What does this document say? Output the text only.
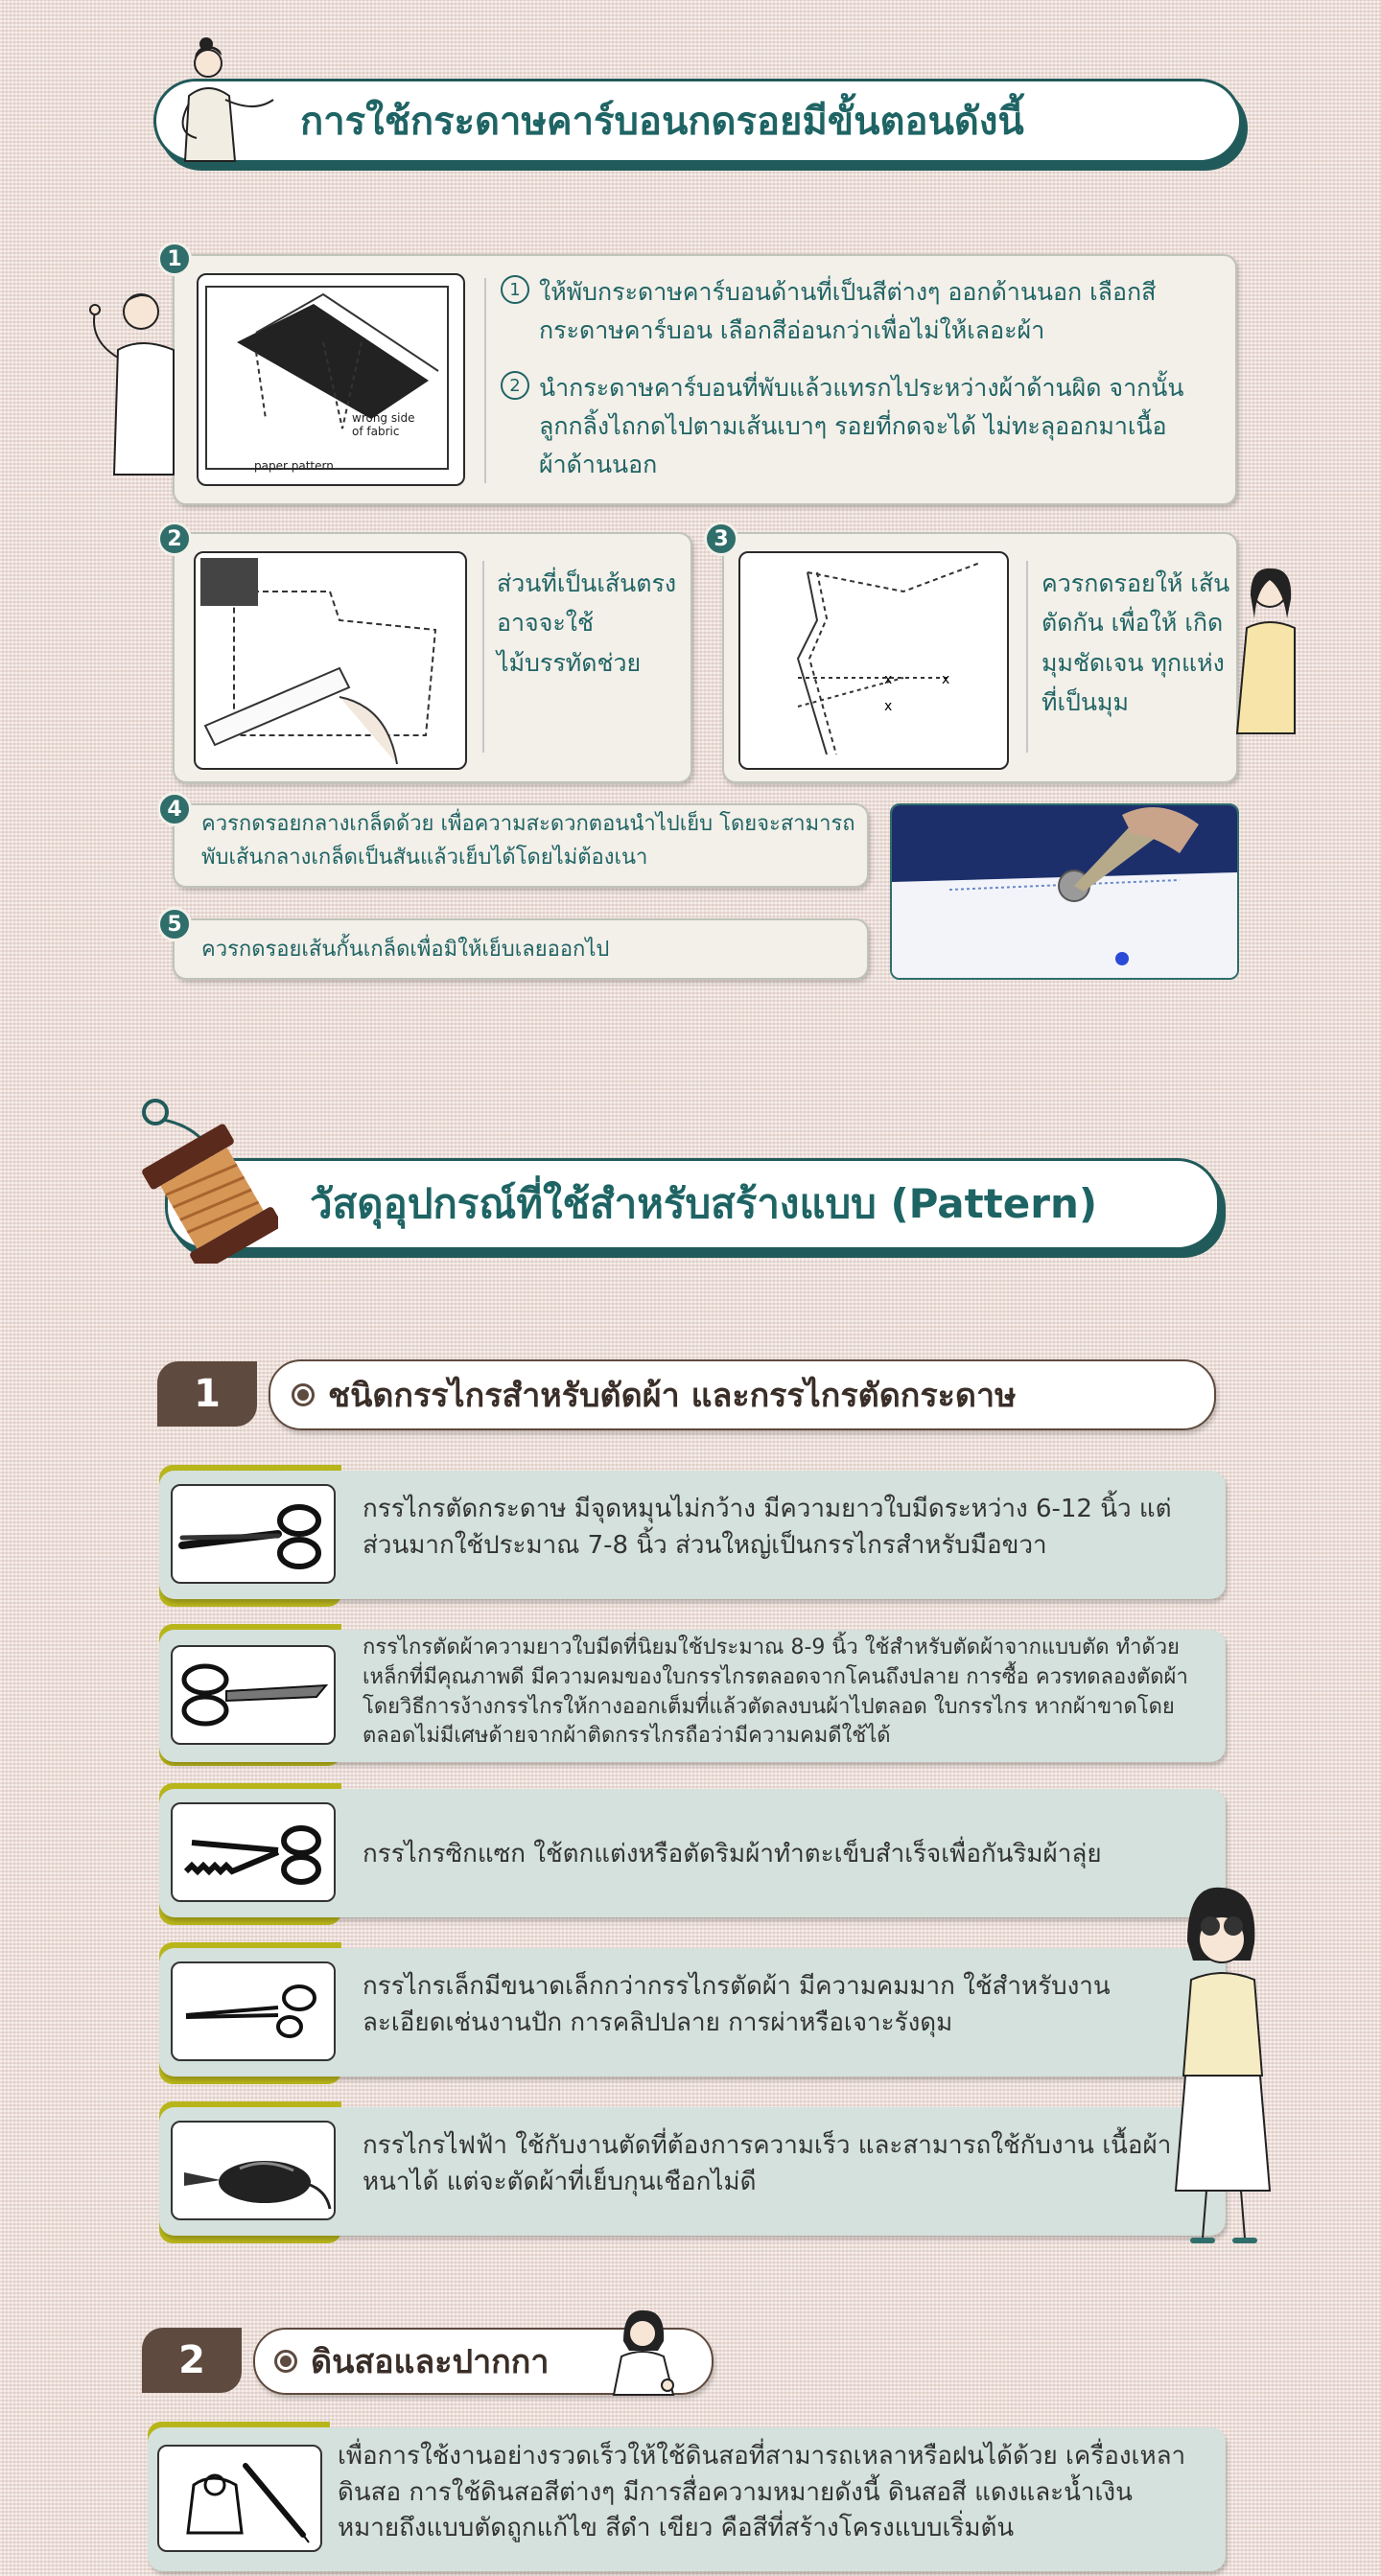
การใช้กระดาษคาร์บอนกดรอยมีขั้นตอนดังนี้
1
paper pattern
wrong side of fabric
1 ให้พับกระดาษคาร์บอนด้านที่เป็นสีต่างๆ ออกด้านนอก เลือกสีกระดาษคาร์บอน เลือกสีอ่อนกว่าเพื่อไม่ให้เลอะผ้า
2 นำกระดาษคาร์บอนที่พับแล้วแทรกไประหว่างผ้าด้านผิด จากนั้นลูกกลิ้งไถกดไปตามเส้นเบาๆ รอยที่กดจะได้ ไม่ทะลุออกมาเนื้อผ้าด้านนอก
2
ส่วนที่เป็นเส้นตรง อาจจะใช้ไม้บรรทัดช่วย
3
x	x
x
ควรกดรอยให้ เส้นตัดกัน เพื่อให้ เกิดมุมชัดเจน ทุกแห่งที่เป็นมุม
4
ควรกดรอยกลางเกล็ดด้วย เพื่อความสะดวกตอนนำไปเย็บ โดยจะสามารถพับเส้นกลางเกล็ดเป็นสันแล้วเย็บได้โดยไม่ต้องเนา
5
ควรกดรอยเส้นกั้นเกล็ดเพื่อมิให้เย็บเลยออกไป
วัสดุอุปกรณ์ที่ใช้สำหรับสร้างแบบ (Pattern)
1	ชนิดกรรไกรสำหรับตัดผ้า และกรรไกรตัดกระดาษ
กรรไกรตัดกระดาษ มีจุดหมุนไม่กว้าง มีความยาวใบมีดระหว่าง 6-12 นิ้ว แต่ส่วนมากใช้ประมาณ 7-8 นิ้ว ส่วนใหญ่เป็นกรรไกรสำหรับมือขวา
กรรไกรตัดผ้าความยาวใบมีดที่นิยมใช้ประมาณ 8-9 นิ้ว ใช้สำหรับตัดผ้าจากแบบตัด ทำด้วยเหล็กที่มีคุณภาพดี มีความคมของใบกรรไกรตลอดจากโคนถึงปลาย การซื้อ ควรทดลองตัดผ้า โดยวิธีการง้างกรรไกรให้กางออกเต็มที่แล้วตัดลงบนผ้าไปตลอด ใบกรรไกร หากผ้าขาดโดยตลอดไม่มีเศษด้ายจากผ้าติดกรรไกรถือว่ามีความคมดีใช้ได้
กรรไกรซิกแซก ใช้ตกแต่งหรือตัดริมผ้าทำตะเข็บสำเร็จเพื่อกันริมผ้าลุ่ย
กรรไกรเล็กมีขนาดเล็กกว่ากรรไกรตัดผ้า มีความคมมาก ใช้สำหรับงาน ละเอียดเช่นงานปัก การคลิปปลาย การผ่าหรือเจาะรังดุม
กรรไกรไฟฟ้า ใช้กับงานตัดที่ต้องการความเร็ว และสามารถใช้กับงาน เนื้อผ้าหนาได้ แต่จะตัดผ้าที่เย็บกุนเชือกไม่ดี
2	ดินสอและปากกา
เพื่อการใช้งานอย่างรวดเร็วให้ใช้ดินสอที่สามารถเหลาหรือฝนได้ด้วย เครื่องเหลาดินสอ การใช้ดินสอสีต่างๆ มีการสื่อความหมายดังนี้ ดินสอสี แดงและน้ำเงิน หมายถึงแบบตัดถูกแก้ไข สีดำ เขียว คือสีที่สร้างโครงแบบเริ่มต้น
